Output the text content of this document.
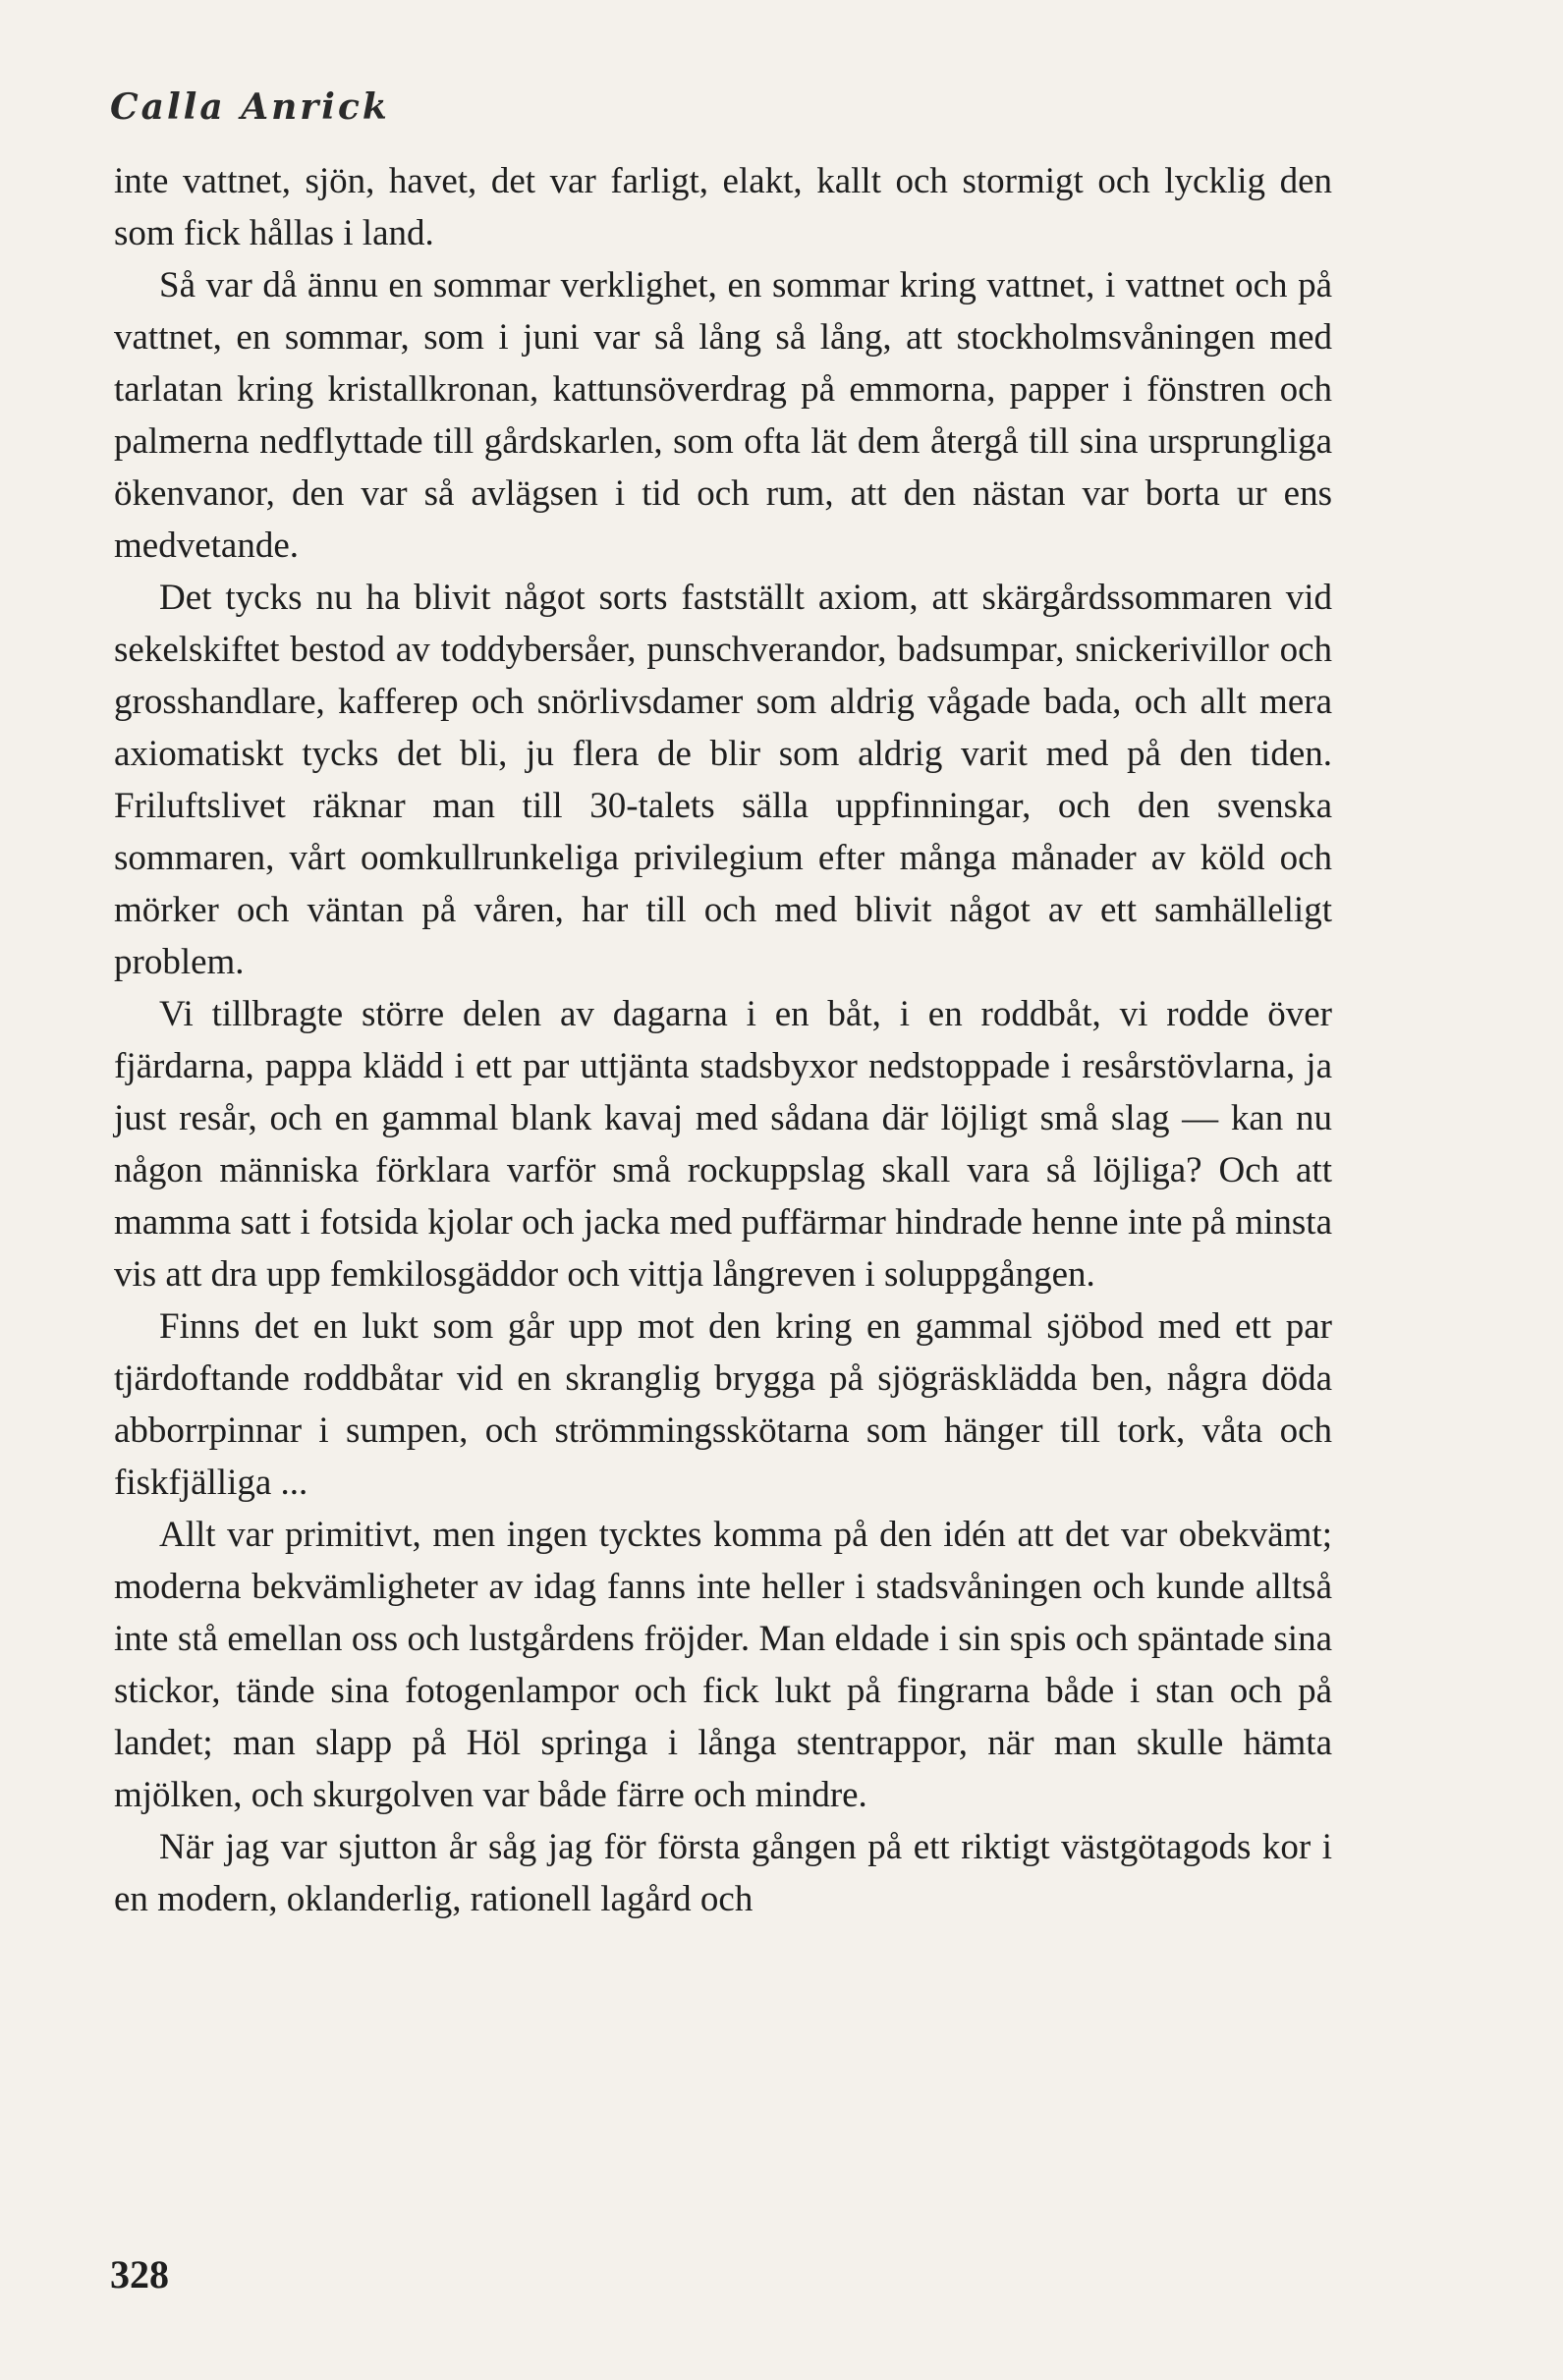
Calla Anrick

inte vattnet, sjön, havet, det var farligt, elakt, kallt och stormigt och lycklig den som fick hållas i land.

Så var då ännu en sommar verklighet, en sommar kring vattnet, i vattnet och på vattnet, en sommar, som i juni var så lång så lång, att stockholmsvåningen med tarlatan kring kristallkronan, kattunsöverdrag på emmorna, papper i fönstren och palmerna nedflyttade till gårdskarlen, som ofta lät dem återgå till sina ursprungliga ökenvanor, den var så avlägsen i tid och rum, att den nästan var borta ur ens medvetande.

Det tycks nu ha blivit något sorts fastställt axiom, att skärgårdssommaren vid sekelskiftet bestod av toddybersåer, punschverandor, badsumpar, snickerivillor och grosshandlare, kafferep och snörlivsdamer som aldrig vågade bada, och allt mera axiomatiskt tycks det bli, ju flera de blir som aldrig varit med på den tiden. Friluftslivet räknar man till 30-talets sälla uppfinningar, och den svenska sommaren, vårt oomkullrunkeliga privilegium efter många månader av köld och mörker och väntan på våren, har till och med blivit något av ett samhälleligt problem.

Vi tillbragte större delen av dagarna i en båt, i en roddbåt, vi rodde över fjärdarna, pappa klädd i ett par uttjänta stadsbyxor nedstoppade i resårstövlarna, ja just resår, och en gammal blank kavaj med sådana där löjligt små slag — kan nu någon människa förklara varför små rockuppslag skall vara så löjliga? Och att mamma satt i fotsida kjolar och jacka med puffärmar hindrade henne inte på minsta vis att dra upp femkilosgäddor och vittja långreven i soluppgången.

Finns det en lukt som går upp mot den kring en gammal sjöbod med ett par tjärdoftande roddbåtar vid en skranglig brygga på sjögräsklädda ben, några döda abborrpinnar i sumpen, och strömmingsskötarna som hänger till tork, våta och fiskfjälliga ...

Allt var primitivt, men ingen tycktes komma på den idén att det var obekvämt; moderna bekvämligheter av idag fanns inte heller i stadsvåningen och kunde alltså inte stå emellan oss och lustgårdens fröjder. Man eldade i sin spis och späntade sina stickor, tände sina fotogenlampor och fick lukt på fingrarna både i stan och på landet; man slapp på Höl springa i långa stentrappor, när man skulle hämta mjölken, och skurgolven var både färre och mindre.

När jag var sjutton år såg jag för första gången på ett riktigt västgötagods kor i en modern, oklanderlig, rationell lagård och

328
